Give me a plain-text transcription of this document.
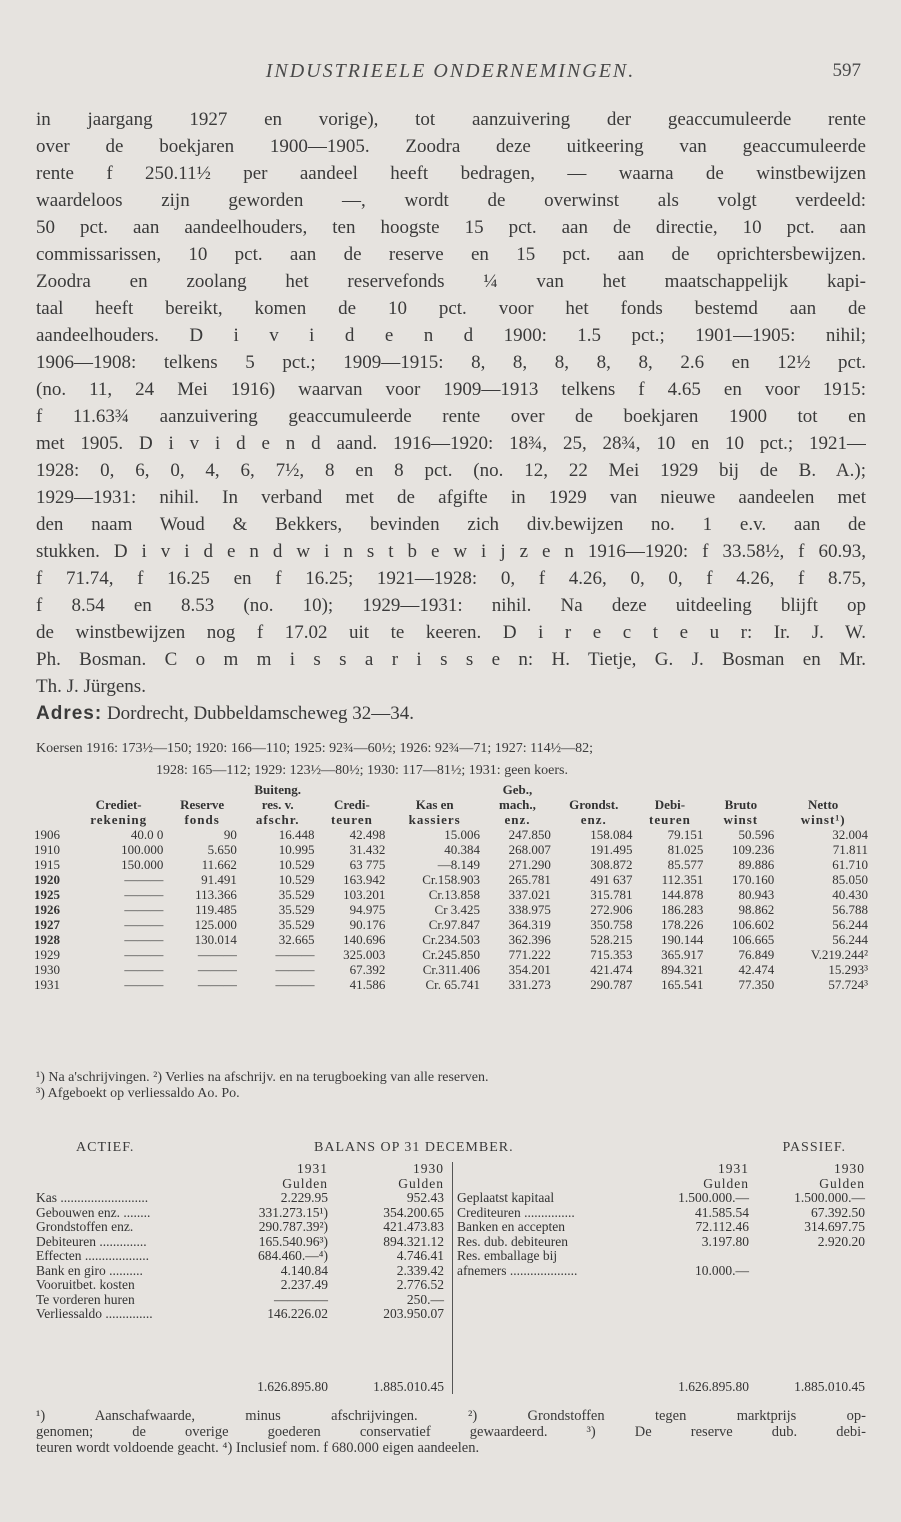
INDUSTRIEELE ONDERNEMINGEN.	597
in jaargang 1927 en vorige), tot aanzuivering der geaccumuleerde rente
over de boekjaren 1900—1905. Zoodra deze uitkeering van geaccumuleerde
rente f 250.11½ per aandeel heeft bedragen, — waarna de winstbewijzen
waardeloos zijn geworden —, wordt de overwinst als volgt verdeeld:
50 pct. aan aandeelhouders, ten hoogste 15 pct. aan de directie, 10 pct. aan
commissarissen, 10 pct. aan de reserve en 15 pct. aan de oprichtersbewijzen.
Zoodra en zoolang het reservefonds ¼ van het maatschappelijk kapi-
taal heeft bereikt, komen de 10 pct. voor het fonds bestemd aan de
aandeelhouders. D i v i d e n d 1900: 1.5 pct.; 1901—1905: nihil;
1906—1908: telkens 5 pct.; 1909—1915: 8, 8, 8, 8, 8, 2.6 en 12½ pct.
(no. 11, 24 Mei 1916) waarvan voor 1909—1913 telkens f 4.65 en voor 1915:
f 11.63¾ aanzuivering geaccumuleerde rente over de boekjaren 1900 tot en
met 1905. D i v i d e n d aand. 1916—1920: 18¾, 25, 28¾, 10 en 10 pct.; 1921—
1928: 0, 6, 0, 4, 6, 7½, 8 en 8 pct. (no. 12, 22 Mei 1929 bij de B. A.);
1929—1931: nihil. In verband met de afgifte in 1929 van nieuwe aandeelen met
den naam Woud & Bekkers, bevinden zich div.bewijzen no. 1 e.v. aan de
stukken. D i v i d e n d w i n s t b e w i j z e n 1916—1920: f 33.58½, f 60.93,
f 71.74, f 16.25 en f 16.25; 1921—1928: 0, f 4.26, 0, 0, f 4.26, f 8.75,
f 8.54 en 8.53 (no. 10); 1929—1931: nihil. Na deze uitdeeling blijft op
de winstbewijzen nog f 17.02 uit te keeren. D i r e c t e u r: Ir. J. W.
Ph. Bosman. C o m m i s s a r i s s e n: H. Tietje, G. J. Bosman en Mr.
Th. J. Jürgens.
Adres: Dordrecht, Dubbeldamscheweg 32—34.
Koersen 1916: 173½—150; 1920: 166—110; 1925: 92¾—60½; 1926: 92¾—71; 1927: 114½—82;
1928: 165—112; 1929: 123½—80½; 1930: 117—81½; 1931: geen koers.
			Buiteng.			Geb.,				
	Crediet-	Reserve	res. v.	Credi-	Kas en	mach.,	Grondst.	Debi-	Bruto	Netto
	rekening	fonds	afschr.	teuren	kassiers	enz.	enz.	teuren	winst	winst¹)
1906	40.0 0	90	16.448	42.498	15.006	247.850	158.084	79.151	50.596	32.004
1910	100.000	5.650	10.995	31.432	40.384	268.007	191.495	81.025	109.236	71.811
1915	150.000	11.662	10.529	63 775	—8.149	271.290	308.872	85.577	89.886	61.710
1920	———	91.491	10.529	163.942	Cr.158.903	265.781	491 637	112.351	170.160	85.050
1925	———	113.366	35.529	103.201	Cr.13.858	337.021	315.781	144.878	80.943	40.430
1926	———	119.485	35.529	94.975	Cr 3.425	338.975	272.906	186.283	98.862	56.788
1927	———	125.000	35.529	90.176	Cr.97.847	364.319	350.758	178.226	106.602	56.244
1928	———	130.014	32.665	140.696	Cr.234.503	362.396	528.215	190.144	106.665	56.244
1929	———	———	———	325.003	Cr.245.850	771.222	715.353	365.917	76.849	V.219.244²
1930	———	———	———	67.392	Cr.311.406	354.201	421.474	894.321	42.474	15.293³
1931	———	———	———	41.586	Cr. 65.741	331.273	290.787	165.541	77.350	57.724³
¹) Na a'schrijvingen. ²) Verlies na afschrijv. en na terugboeking van alle reserven.
³) Afgeboekt op verliessaldo Ao. Po.
ACTIEF.	BALANS OP 31 DECEMBER.	PASSIEF.
1931	1930
Gulden	Gulden
Kas ..........................	2.229.95	952.43
Gebouwen enz. ........	331.273.15¹)	354.200.65
Grondstoffen enz.	290.787.39²)	421.473.83
Debiteuren ..............	165.540.96³)	894.321.12
Effecten ...................	684.460.—⁴)	4.746.41
Bank en giro ..........	4.140.84	2.339.42
Vooruitbet. kosten	2.237.49	2.776.52
Te vorderen huren	————	250.—
Verliessaldo ..............	146.226.02	203.950.07
1.626.895.80	1.885.010.45
1931	1930
Gulden	Gulden
Geplaatst kapitaal	1.500.000.—	1.500.000.—
Crediteuren ...............	41.585.54	67.392.50
Banken en accepten	72.112.46	314.697.75
Res. dub. debiteuren	3.197.80	2.920.20
Res. emballage bij
afnemers ....................	10.000.—
1.626.895.80	1.885.010.45
¹) Aanschafwaarde, minus afschrijvingen. ²) Grondstoffen tegen marktprijs op-
genomen; de overige goederen conservatief gewaardeerd. ³) De reserve dub. debi-
teuren wordt voldoende geacht. ⁴) Inclusief nom. f 680.000 eigen aandeelen.
